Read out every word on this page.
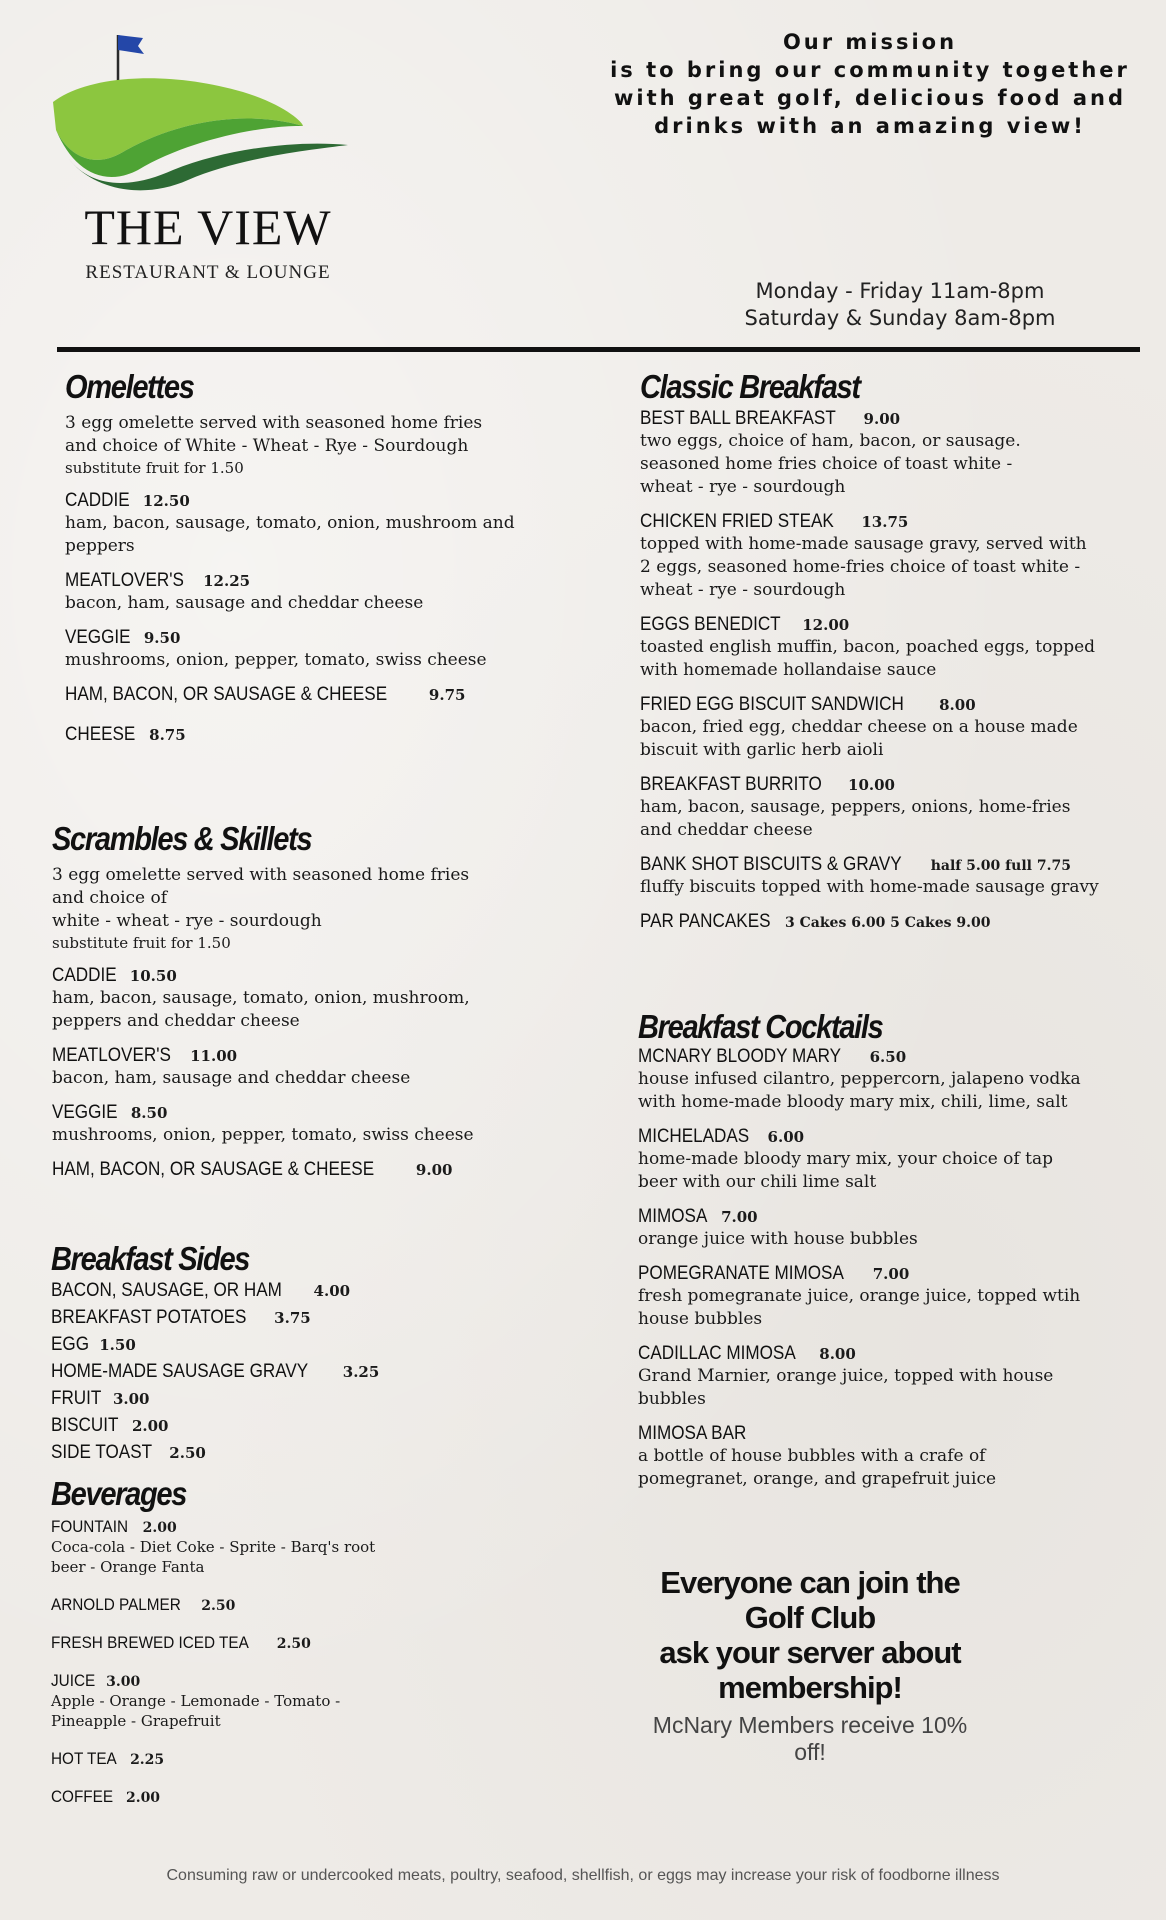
THE VIEW
RESTAURANT & LOUNGE
Our mission
is to bring our community together
with great golf, delicious food and
drinks with an amazing view!
Monday - Friday 11am-8pm
Saturday & Sunday 8am-8pm
Omelettes
3 egg omelette served with seasoned home fries
and choice of White - Wheat - Rye - Sourdough
substitute fruit for 1.50
CADDIE 12.50
ham, bacon, sausage, tomato, onion, mushroom and peppers
MEATLOVER'S 12.25
bacon, ham, sausage and cheddar cheese
VEGGIE 9.50
mushrooms, onion, pepper, tomato, swiss cheese
HAM, BACON, OR SAUSAGE & CHEESE	9.75
CHEESE 8.75
Scrambles & Skillets
3 egg omelette served with seasoned home fries
and choice of
white - wheat - rye - sourdough
substitute fruit for 1.50
CADDIE 10.50
ham, bacon, sausage, tomato, onion, mushroom, peppers and cheddar cheese
MEATLOVER'S 11.00
bacon, ham, sausage and cheddar cheese
VEGGIE 8.50
mushrooms, onion, pepper, tomato, swiss cheese
HAM, BACON, OR SAUSAGE & CHEESE	9.00
Breakfast Sides
BACON, SAUSAGE, OR HAM 4.00
BREAKFAST POTATOES 3.75
EGG 1.50
HOME-MADE SAUSAGE GRAVY 3.25
FRUIT 3.00
BISCUIT 2.00
SIDE TOAST 2.50
Beverages
FOUNTAIN 2.00
Coca-cola - Diet Coke - Sprite - Barq's root beer - Orange Fanta
ARNOLD PALMER 2.50
FRESH BREWED ICED TEA 2.50
JUICE 3.00
Apple - Orange - Lemonade - Tomato - Pineapple - Grapefruit
HOT TEA 2.25
COFFEE 2.00
Classic Breakfast
BEST BALL BREAKFAST 9.00
two eggs, choice of ham, bacon, or sausage. seasoned home fries choice of toast white - wheat - rye - sourdough
CHICKEN FRIED STEAK 13.75
topped with home-made sausage gravy, served with 2 eggs, seasoned home-fries choice of toast white - wheat - rye - sourdough
EGGS BENEDICT 12.00
toasted english muffin, bacon, poached eggs, topped with homemade hollandaise sauce
FRIED EGG BISCUIT SANDWICH 8.00
bacon, fried egg, cheddar cheese on a house made biscuit with garlic herb aioli
BREAKFAST BURRITO 10.00
ham, bacon, sausage, peppers, onions, home-fries and cheddar cheese
BANK SHOT BISCUITS & GRAVY half 5.00 full 7.75
fluffy biscuits topped with home-made sausage gravy
PAR PANCAKES 3 Cakes 6.00 5 Cakes 9.00
Breakfast Cocktails
MCNARY BLOODY MARY 6.50
house infused cilantro, peppercorn, jalapeno vodka with home-made bloody mary mix, chili, lime, salt
MICHELADAS 6.00
home-made bloody mary mix, your choice of tap beer with our chili lime salt
MIMOSA 7.00
orange juice with house bubbles
POMEGRANATE MIMOSA 7.00
fresh pomegranate juice, orange juice, topped wtih house bubbles
CADILLAC MIMOSA 8.00
Grand Marnier, orange juice, topped with house bubbles
MIMOSA BAR
a bottle of house bubbles with a crafe of pomegranet, orange, and grapefruit juice
Everyone can join the
Golf Club
ask your server about
membership!
McNary Members receive 10% off!
Consuming raw or undercooked meats, poultry, seafood, shellfish, or eggs may increase your risk of foodborne illness
